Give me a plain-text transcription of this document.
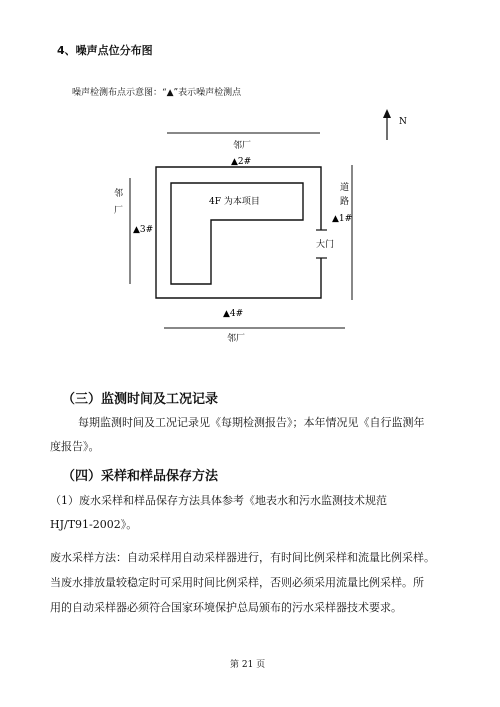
4、噪声点位分布图
噪声检测布点示意图：“▲”表示噪声检测点
N
邻厂
邻
厂
道
路
邻厂
大门
4F 为本项目
▲2#
▲1#
▲3#
▲4#
（三）监测时间及工况记录
每期监测时间及工况记录见《每期检测报告》；本年情况见《自行监测年
度报告》。
（四）采样和样品保存方法
（1）废水采样和样品保存方法具体参考《地表水和污水监测技术规范
HJ/T91-2002》。
废水采样方法：自动采样用自动采样器进行，有时间比例采样和流量比例采样。
当废水排放量较稳定时可采用时间比例采样，否则必须采用流量比例采样。所
用的自动采样器必须符合国家环境保护总局颁布的污水采样器技术要求。
第 21 页
